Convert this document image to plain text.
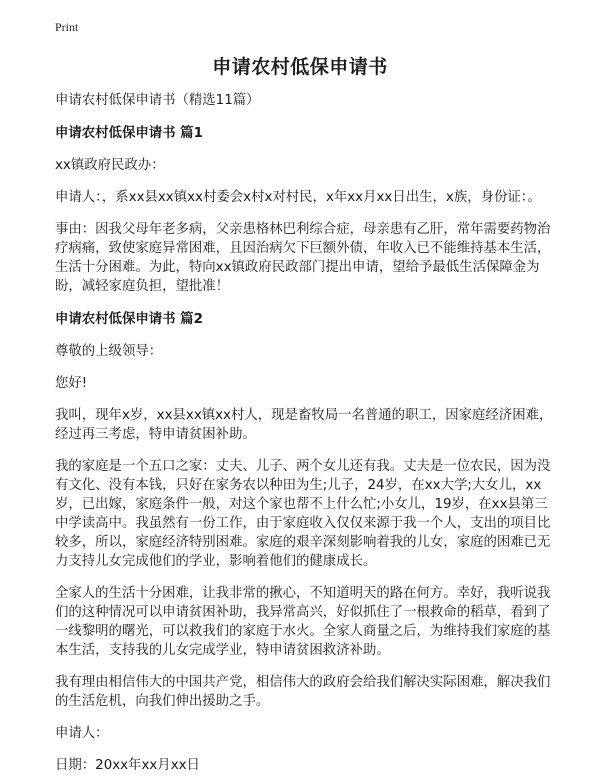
Print
申请农村低保申请书

申请农村低保申请书（精选11篇）

申请农村低保申请书 篇1

xx镇政府民政办：

申请人：，系xx县xx镇xx村委会x村x对村民，x年xx月xx日出生，x族，身份证：。

事由：因我父母年老多病，父亲患格林巴利综合症，母亲患有乙肝，常年需要药物治疗病痛，致使家庭异常困难，且因治病欠下巨额外债，年收入已不能维持基本生活，生活十分困难。为此，特向xx镇政府民政部门提出申请，望给予最低生活保障金为盼，减轻家庭负担，望批准！

申请农村低保申请书 篇2

尊敬的上级领导：

您好!

我叫，现年x岁，xx县xx镇xx村人，现是畜牧局一名普通的职工，因家庭经济困难，经过再三考虑，特申请贫困补助。

我的家庭是一个五口之家：丈夫、儿子、两个女儿还有我。丈夫是一位农民，因为没有文化、没有本钱，只好在家务农以种田为生;儿子，24岁，在xx大学;大女儿，xx岁，已出嫁，家庭条件一般，对这个家也帮不上什么忙;小女儿，19岁，在xx县第三中学读高中。我虽然有一份工作，由于家庭收入仅仅来源于我一个人，支出的项目比较多，所以，家庭经济特别困难。家庭的艰辛深刻影响着我的儿女，家庭的困难已无力支持儿女完成他们的学业，影响着他们的健康成长。

全家人的生活十分困难，让我非常的揪心，不知道明天的路在何方。幸好，我听说我们的这种情况可以申请贫困补助，我异常高兴，好似抓住了一根救命的稻草，看到了一线黎明的曙光，可以救我们的家庭于水火。全家人商量之后，为维持我们家庭的基本生活，支持我的儿女完成学业，特申请贫困救济补助。

我有理由相信伟大的中国共产党，相信伟大的政府会给我们解决实际困难，解决我们的生活危机，向我们伸出援助之手。

申请人：

日期：20xx年xx月xx日
